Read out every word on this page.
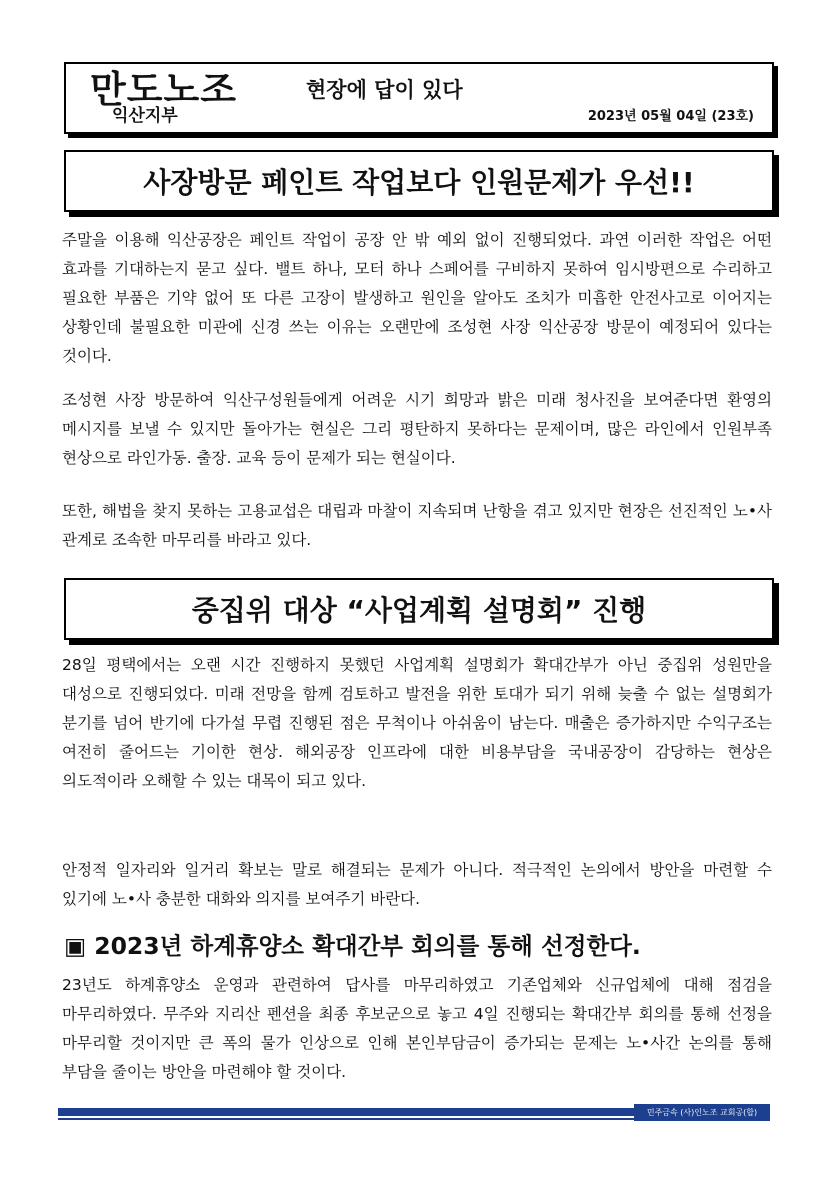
만도노조
익산지부
현장에 답이 있다
2023년 05월 04일 (23호)
사장방문 페인트 작업보다 인원문제가 우선!!

주말을 이용해 익산공장은 페인트 작업이 공장 안 밖 예외 없이 진행되었다. 과연 이러한 작업은 어떤 효과를 기대하는지 묻고 싶다. 밸트 하나, 모터 하나 스페어를 구비하지 못하여 임시방편으로 수리하고 필요한 부품은 기약 없어 또 다른 고장이 발생하고 원인을 알아도 조치가 미흡한 안전사고로 이어지는 상황인데 불필요한 미관에 신경 쓰는 이유는 오랜만에 조성현 사장 익산공장 방문이 예정되어 있다는 것이다.

조성현 사장 방문하여 익산구성원들에게 어려운 시기 희망과 밝은 미래 청사진을 보여준다면 환영의 메시지를 보낼 수 있지만 돌아가는 현실은 그리 평탄하지 못하다는 문제이며, 많은 라인에서 인원부족 현상으로 라인가동. 출장. 교육 등이 문제가 되는 현실이다.

또한, 해법을 찾지 못하는 고용교섭은 대립과 마찰이 지속되며 난항을 겪고 있지만 현장은 선진적인 노•사 관계로 조속한 마무리를 바라고 있다.

중집위 대상 “사업계획 설명회” 진행

28일 평택에서는 오랜 시간 진행하지 못했던 사업계획 설명회가 확대간부가 아닌 중집위 성원만을 대성으로 진행되었다. 미래 전망을 함께 검토하고 발전을 위한 토대가 되기 위해 늦출 수 없는 설명회가 분기를 넘어 반기에 다가설 무렵 진행된 점은 무척이나 아쉬움이 남는다. 매출은 증가하지만 수익구조는 여전히 줄어드는 기이한 현상. 해외공장 인프라에 대한 비용부담을 국내공장이 감당하는 현상은 의도적이라 오해할 수 있는 대목이 되고 있다.

안정적 일자리와 일거리 확보는 말로 해결되는 문제가 아니다. 적극적인 논의에서 방안을 마련할 수 있기에 노•사 충분한 대화와 의지를 보여주기 바란다.

▣ 2023년 하계휴양소 확대간부 회의를 통해 선정한다.

23년도 하계휴양소 운영과 관련하여 답사를 마무리하였고 기존업체와 신규업체에 대해 점검을 마무리하였다. 무주와 지리산 펜션을 최종 후보군으로 놓고 4일 진행되는 확대간부 회의를 통해 선정을 마무리할 것이지만 큰 폭의 물가 인상으로 인해 본인부담금이 증가되는 문제는 노•사간 논의를 통해 부담을 줄이는 방안을 마련해야 할 것이다.

민주금속 (사)인노조 교회공(합)
